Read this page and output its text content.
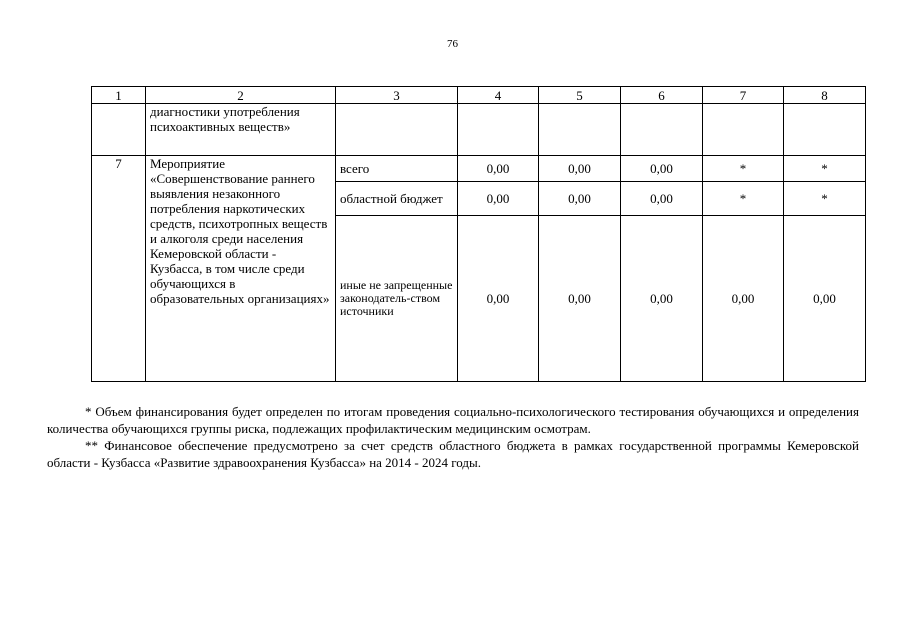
76
1	2	3	4	5	6	7	8
	диагностики употребления психоактивных веществ»						
7	Мероприятие «Совершенствование раннего выявления незаконного потребления наркотических средств, психотропных веществ и алкоголя среди населения Кемеровской области - Кузбасса, в том числе среди обучающихся в образовательных организациях»	всего	0,00	0,00	0,00	*	*
		областной бюджет	0,00	0,00	0,00	*	*
		иные не запрещенные законодатель-ством источники	0,00	0,00	0,00	0,00	0,00

* Объем финансирования будет определен по итогам проведения социально-психологического тестирования обучающихся и определения количества обучающихся группы риска, подлежащих профилактическим медицинским осмотрам.

** Финансовое обеспечение предусмотрено за счет средств областного бюджета в рамках государственной программы Кемеровской области - Кузбасса «Развитие здравоохранения Кузбасса» на 2014 - 2024 годы.
